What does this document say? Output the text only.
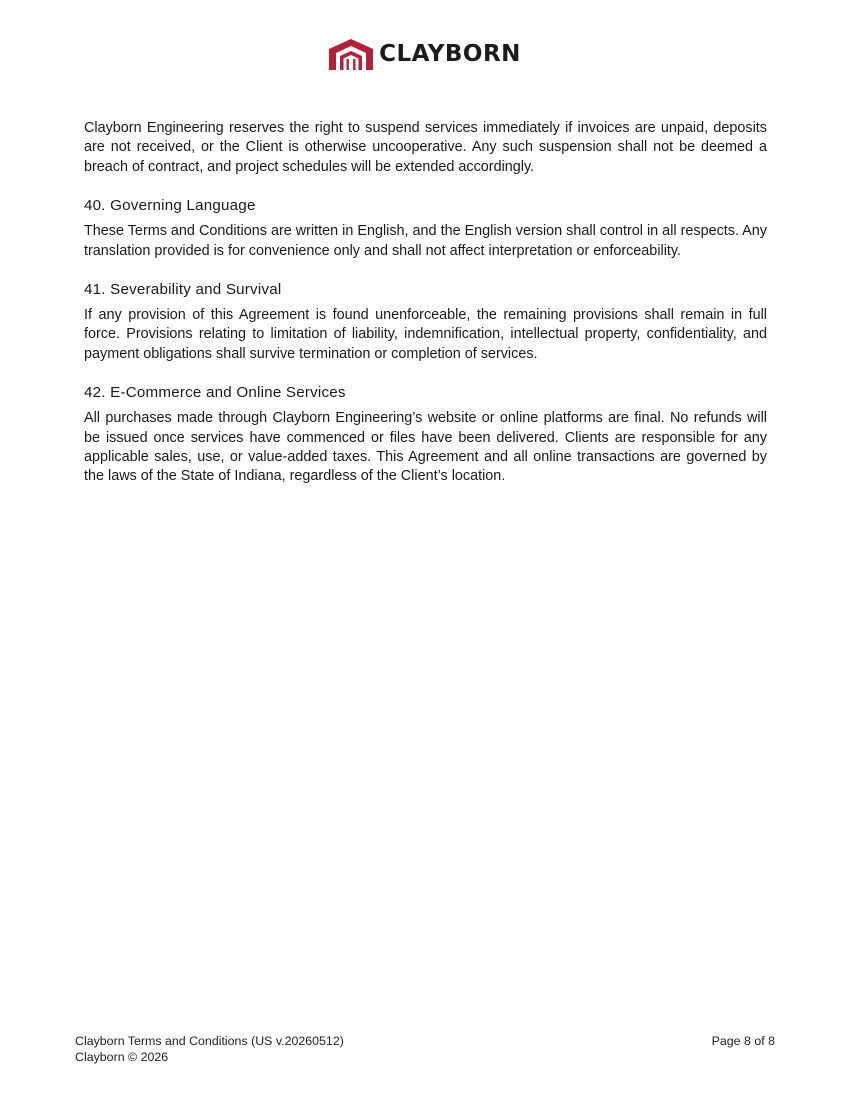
CLAYBORN

Clayborn Engineering reserves the right to suspend services immediately if invoices are unpaid, deposits are not received, or the Client is otherwise uncooperative. Any such suspension shall not be deemed a breach of contract, and project schedules will be extended accordingly.

40. Governing Language

These Terms and Conditions are written in English, and the English version shall control in all respects. Any translation provided is for convenience only and shall not affect interpretation or enforceability.

41. Severability and Survival

If any provision of this Agreement is found unenforceable, the remaining provisions shall remain in full force. Provisions relating to limitation of liability, indemnification, intellectual property, confidentiality, and payment obligations shall survive termination or completion of services.

42. E-Commerce and Online Services

All purchases made through Clayborn Engineering’s website or online platforms are final. No refunds will be issued once services have commenced or files have been delivered. Clients are responsible for any applicable sales, use, or value-added taxes. This Agreement and all online transactions are governed by the laws of the State of Indiana, regardless of the Client’s location.

Clayborn Terms and Conditions (US v.20260512)	Page 8 of 8
Clayborn © 2026
